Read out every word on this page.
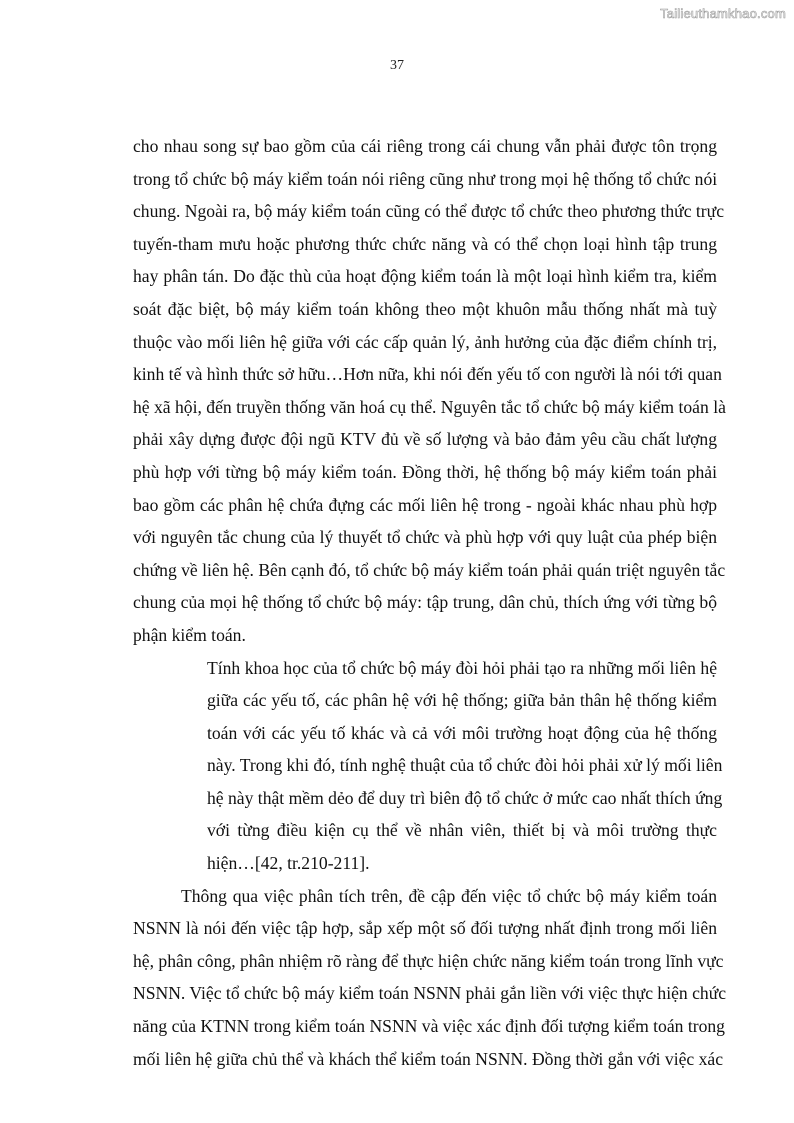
Tailieuthamkhao.com
37
cho nhau song sự bao gồm của cái riêng trong cái chung vẫn phải được tôn trọng
trong tổ chức bộ máy kiểm toán nói riêng cũng như trong mọi hệ thống tổ chức nói
chung. Ngoài ra, bộ máy kiểm toán cũng có thể được tổ chức theo phương thức trực
tuyến-tham mưu hoặc phương thức chức năng và có thể chọn loại hình tập trung
hay phân tán. Do đặc thù của hoạt động kiểm toán là một loại hình kiểm tra, kiểm
soát đặc biệt, bộ máy kiểm toán không theo một khuôn mẫu thống nhất mà tuỳ
thuộc vào mối liên hệ giữa với các cấp quản lý, ảnh hưởng của đặc điểm chính trị,
kinh tế và hình thức sở hữu…Hơn nữa, khi nói đến yếu tố con người là nói tới quan
hệ xã hội, đến truyền thống văn hoá cụ thể. Nguyên tắc tổ chức bộ máy kiểm toán là
phải xây dựng được đội ngũ KTV đủ về số lượng và bảo đảm yêu cầu chất lượng
phù hợp với từng bộ máy kiểm toán. Đồng thời, hệ thống bộ máy kiểm toán phải
bao gồm các phân hệ chứa đựng các mối liên hệ trong - ngoài khác nhau phù hợp
với nguyên tắc chung của lý thuyết tổ chức và phù hợp với quy luật của phép biện
chứng về liên hệ. Bên cạnh đó, tổ chức bộ máy kiểm toán phải quán triệt nguyên tắc
chung của mọi hệ thống tổ chức bộ máy: tập trung, dân chủ, thích ứng với từng bộ
phận kiểm toán.
Tính khoa học của tổ chức bộ máy đòi hỏi phải tạo ra những mối liên hệ
giữa các yếu tố, các phân hệ với hệ thống; giữa bản thân hệ thống kiểm
toán với các yếu tố khác và cả với môi trường hoạt động của hệ thống
này. Trong khi đó, tính nghệ thuật của tổ chức đòi hỏi phải xử lý mối liên
hệ này thật mềm dẻo để duy trì biên độ tổ chức ở mức cao nhất thích ứng
với từng điều kiện cụ thể về nhân viên, thiết bị và môi trường thực
hiện…[42, tr.210-211].
Thông qua việc phân tích trên, đề cập đến việc tổ chức bộ máy kiểm toán
NSNN là nói đến việc tập hợp, sắp xếp một số đối tượng nhất định trong mối liên
hệ, phân công, phân nhiệm rõ ràng để thực hiện chức năng kiểm toán trong lĩnh vực
NSNN. Việc tổ chức bộ máy kiểm toán NSNN phải gắn liền với việc thực hiện chức
năng của KTNN trong kiểm toán NSNN và việc xác định đối tượng kiểm toán trong
mối liên hệ giữa chủ thể và khách thể kiểm toán NSNN. Đồng thời gắn với việc xác
